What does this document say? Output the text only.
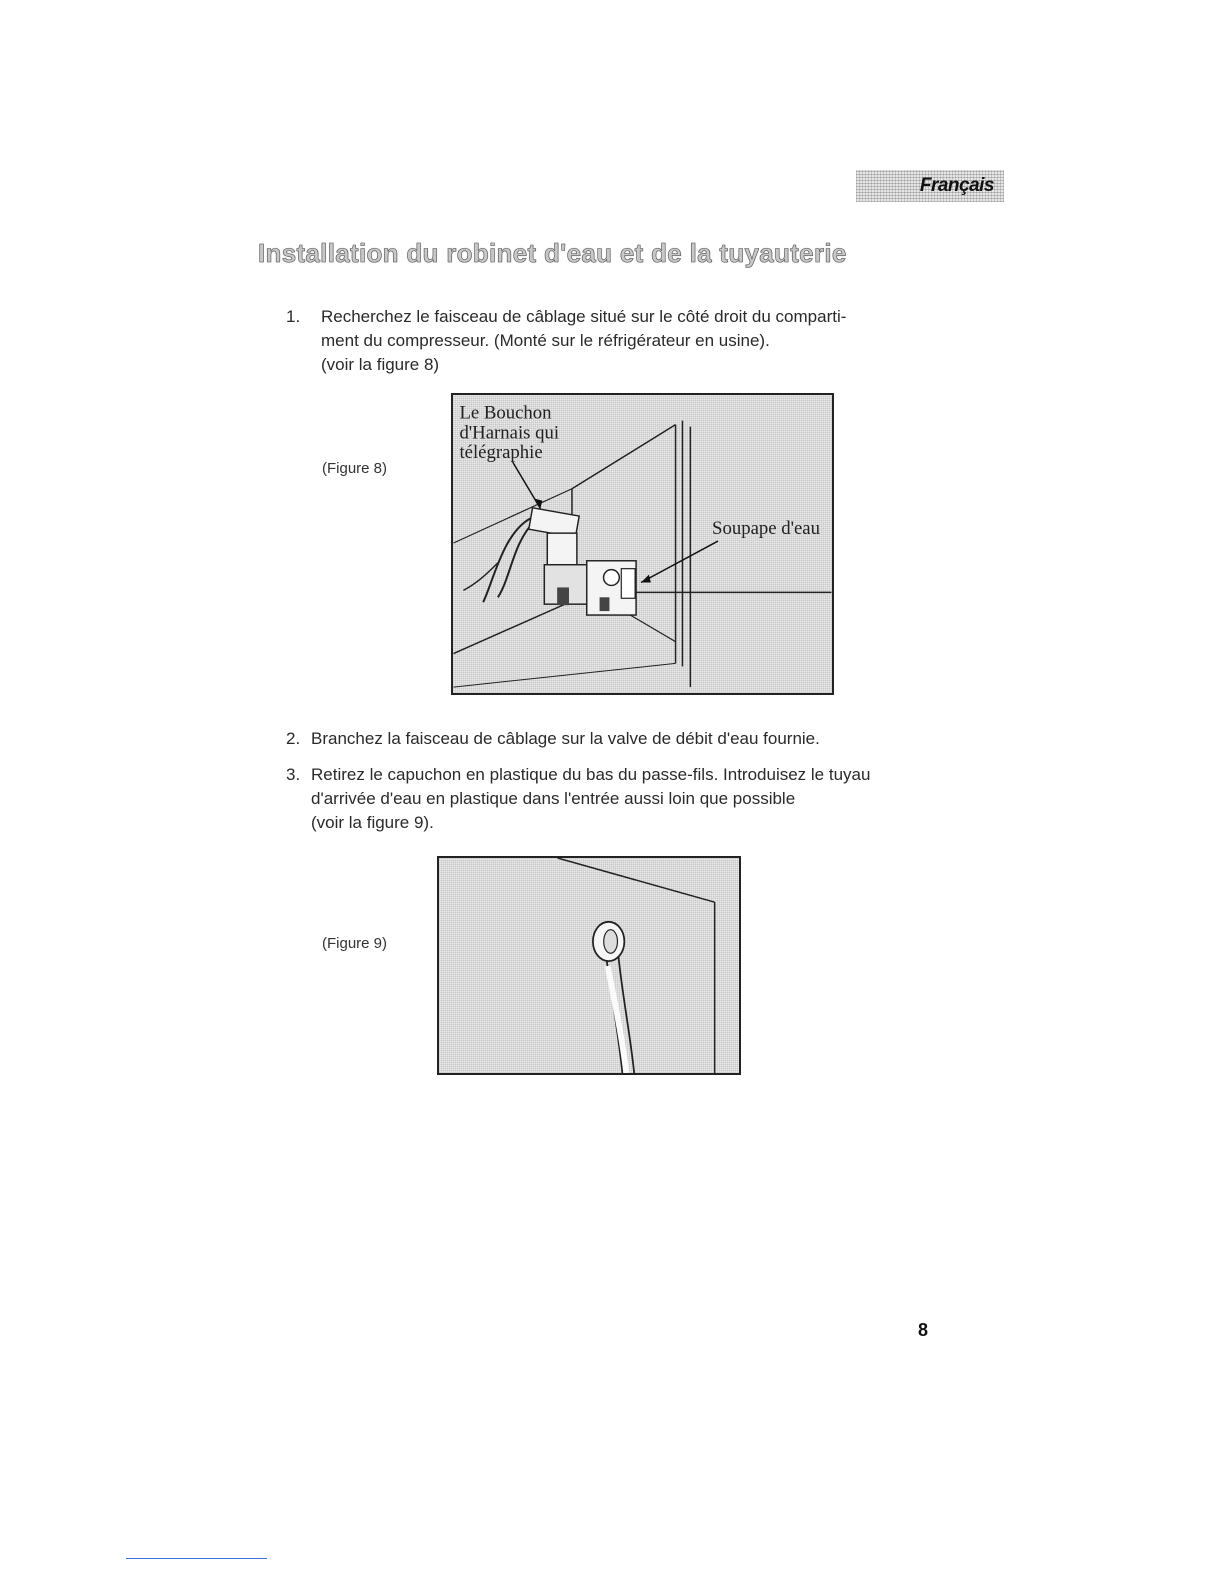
Français
Installation du robinet d'eau et de la tuyauterie
1. Recherchez le faisceau de câblage situé sur le côté droit du comparti-
ment du compresseur. (Monté sur le réfrigérateur en usine).
(voir la figure 8)
(Figure 8)
Le Bouchon
d'Harnais qui
télégraphie
Soupape d'eau
2. Branchez la faisceau de câblage sur la valve de débit d'eau fournie.
3. Retirez le capuchon en plastique du bas du passe-fils. Introduisez le tuyau
d'arrivée d'eau en plastique dans l'entrée aussi loin que possible
(voir la figure 9).
(Figure 9)
8
